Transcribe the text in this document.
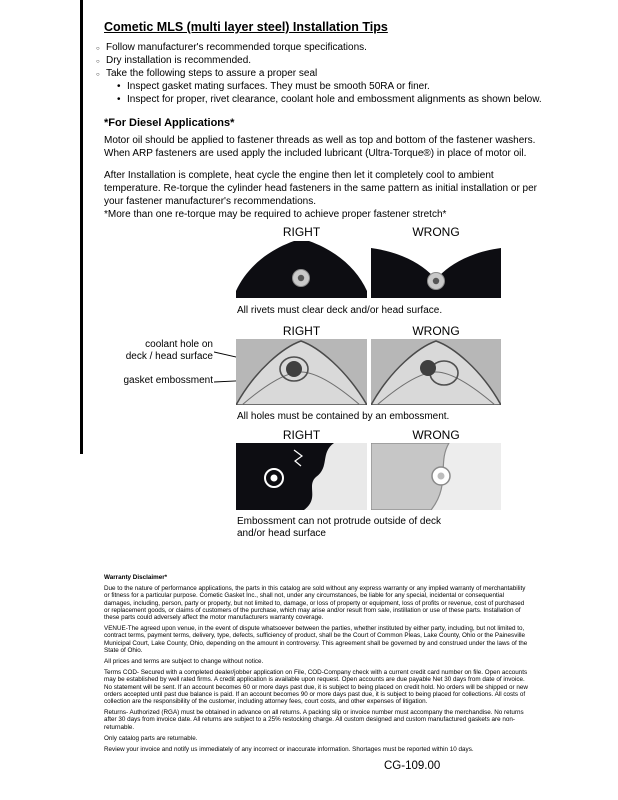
Cometic MLS (multi layer steel) Installation Tips
○ Follow manufacturer's recommended torque specifications.
○ Dry installation is recommended.
○ Take the following steps to assure a proper seal
• Inspect gasket mating surfaces. They must be smooth 50RA or finer.
• Inspect for proper, rivet clearance, coolant hole and embossment alignments as shown below.
*For Diesel Applications*

Motor oil should be applied to fastener threads as well as top and bottom of the fastener washers. When ARP fasteners are used apply the included lubricant (Ultra-Torque®) in place of motor oil.

After Installation is complete, heat cycle the engine then let it completely cool to ambient temperature. Re-torque the cylinder head fasteners in the same pattern as initial installation or per your fastener manufacturer's recommendations.

*More than one re-torque may be required to achieve proper fastener stretch*

RIGHT	WRONG

All rivets must clear deck and/or head surface.

RIGHT	WRONG
coolant hole on
deck / head surface
gasket embossment

All holes must be contained by an embossment.

RIGHT	WRONG

Embossment can not protrude outside of deck

and/or head surface

Warranty Disclaimer*

Due to the nature of performance applications, the parts in this catalog are sold without any express warranty or any implied warranty of merchantability or fitness for a particular purpose. Cometic Gasket Inc., shall not, under any circumstances, be liable for any special, incidental or consequential damages, including, person, party or property, but not limited to, damage, or loss of property or equipment, loss of profits or revenue, cost of purchased or replacement goods, or claims of customers of the purchase, which may arise and/or result from sale, instillation or use of these parts. Installation of these parts could adversely affect the motor manufacturers warranty coverage.

VENUE-The agreed upon venue, in the event of dispute whatsoever between the parties, whether instituted by either party, including, but not limited to, contract terms, payment terms, delivery, type, defects, sufficiency of product, shall be the Court of Common Pleas, Lake County, Ohio or the Painesville Municipal Court, Lake County, Ohio, depending on the amount in controversy. This agreement shall be governed by and construed under the laws of the State of Ohio.

All prices and terms are subject to change without notice.

Terms COD- Secured with a completed dealer/jobber application on File, COD-Company check with a current credit card number on file. Open accounts may be established by well rated firms. A credit application is available upon request. Open accounts are due payable Net 30 days from date of invoice. No statement will be sent. If an account becomes 60 or more days past due, it is subject to being placed on credit hold. No orders will be shipped or new orders accepted until past due balance is paid. If an account becomes 90 or more days past due, it is subject to being placed for collections. All costs of collection are the responsibility of the customer, including attorney fees, court costs, and other expenses of litigation.

Returns- Authorized (RGA) must be obtained in advance on all returns. A packing slip or invoice number must accompany the merchandise. No returns after 30 days from invoice date. All returns are subject to a 25% restocking charge. All custom designed and custom manufactured gaskets are non-returnable.

Only catalog parts are returnable.

Review your invoice and notify us immediately of any incorrect or inaccurate information. Shortages must be reported within 10 days.

CG-109.00
